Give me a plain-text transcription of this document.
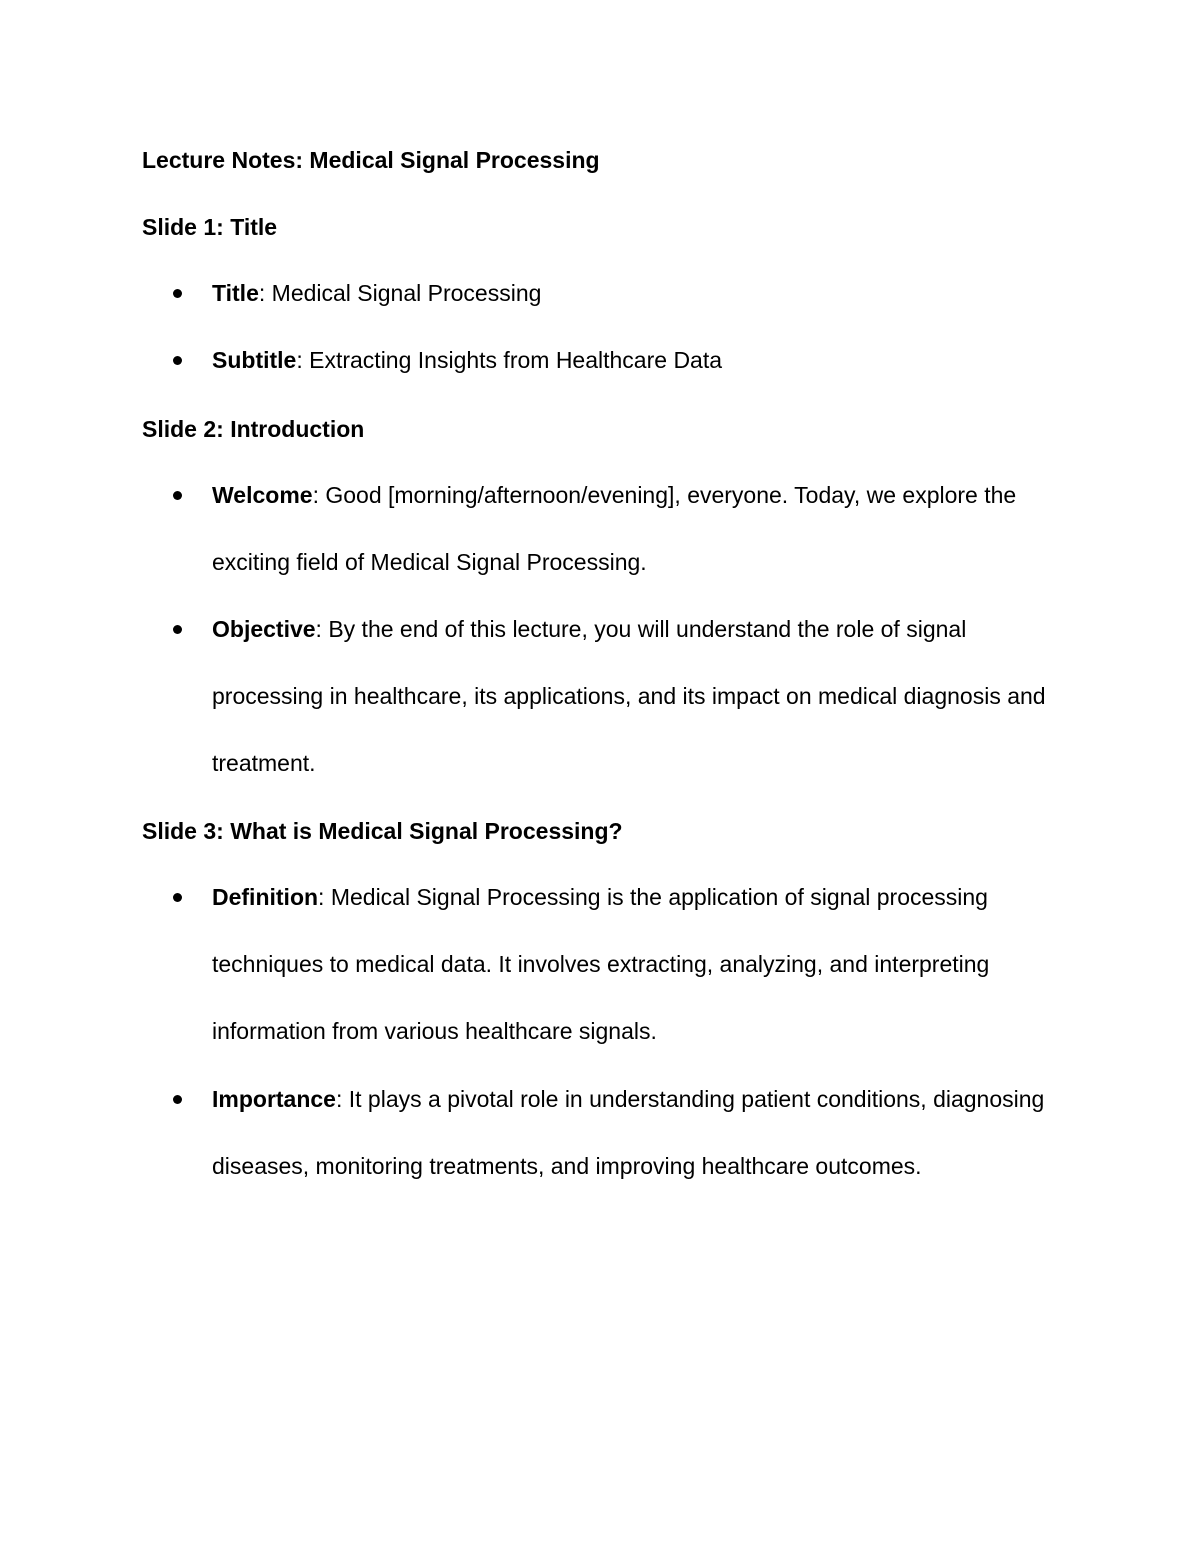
Lecture Notes: Medical Signal Processing
Slide 1: Title
Title: Medical Signal Processing
Subtitle: Extracting Insights from Healthcare Data
Slide 2: Introduction
Welcome: Good [morning/afternoon/evening], everyone. Today, we explore the exciting field of Medical Signal Processing.
Objective: By the end of this lecture, you will understand the role of signal processing in healthcare, its applications, and its impact on medical diagnosis and treatment.
Slide 3: What is Medical Signal Processing?
Definition: Medical Signal Processing is the application of signal processing techniques to medical data. It involves extracting, analyzing, and interpreting information from various healthcare signals.
Importance: It plays a pivotal role in understanding patient conditions, diagnosing diseases, monitoring treatments, and improving healthcare outcomes.
